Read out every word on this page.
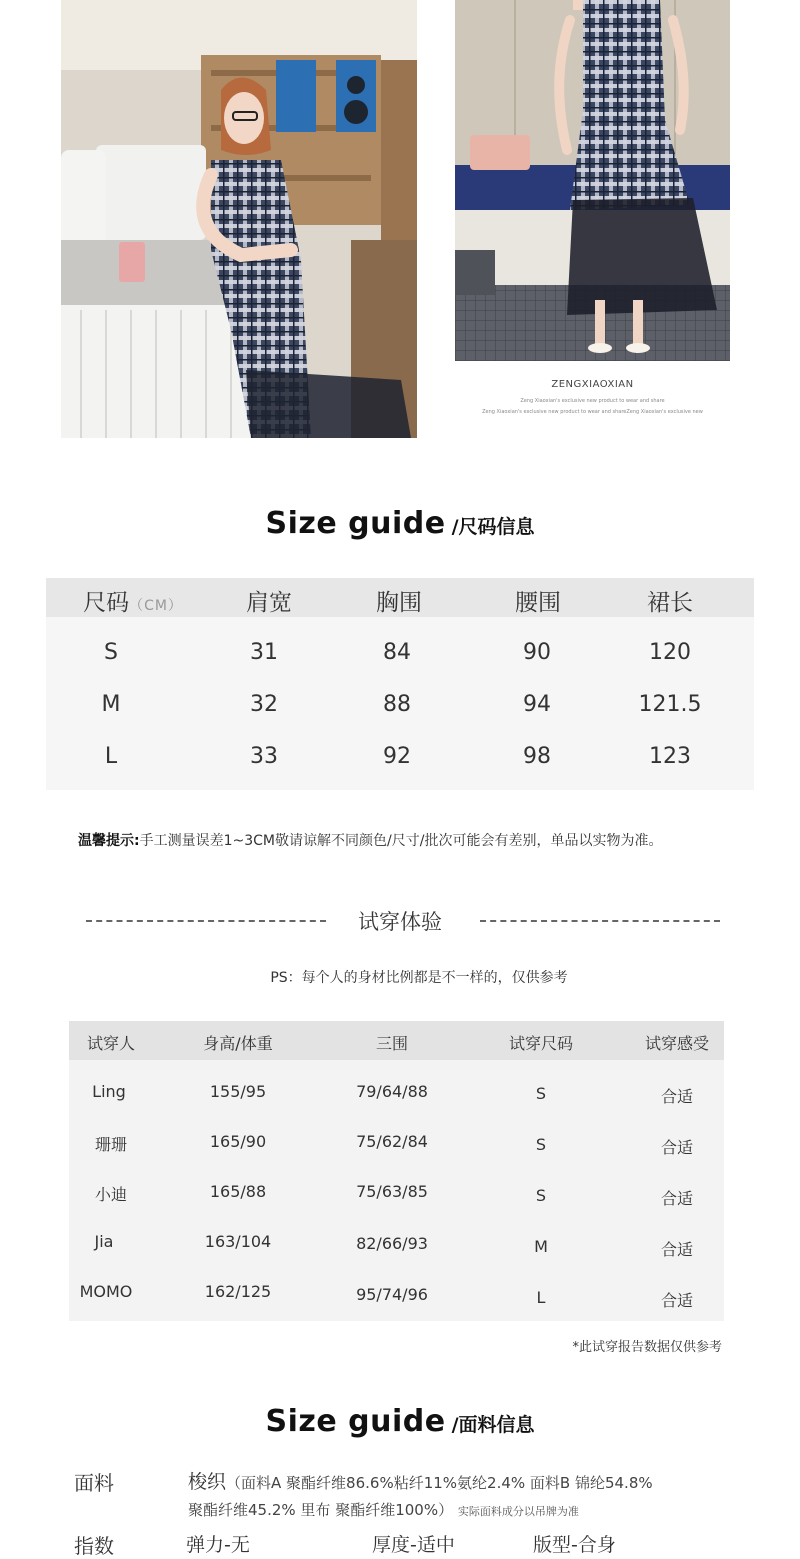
ZENGXIAOXIAN
Zeng Xiaoxian's exclusive new product to wear and share
Zeng Xiaoxian's exclusive new product to wear and shareZeng Xiaoxian's exclusive new
Size guide /尺码信息
尺码（CM）	肩宽	胸围	腰围	裙长
S	31	84	90	120
M	32	88	94	121.5
L	33	92	98	123
温馨提示:手工测量误差1~3CM敬请谅解不同颜色/尺寸/批次可能会有差别，单品以实物为准。
试穿体验
PS：每个人的身材比例都是不一样的，仅供参考
试穿人	身高/体重	三围	试穿尺码	试穿感受
Ling	155/95	79/64/88	S	合适
珊珊	165/90	75/62/84	S	合适
小迪	165/88	75/63/85	S	合适
Jia	163/104	82/66/93	M	合适
MOMO	162/125	95/74/96	L	合适
*此试穿报告数据仅供参考
Size guide /面料信息
面料	梭织（面料A 聚酯纤维86.6%粘纤11%氨纶2.4% 面料B 锦纶54.8%
聚酯纤维45.2% 里布 聚酯纤维100%） 实际面料成分以吊牌为准
指数	弹力-无	厚度-适中	版型-合身
